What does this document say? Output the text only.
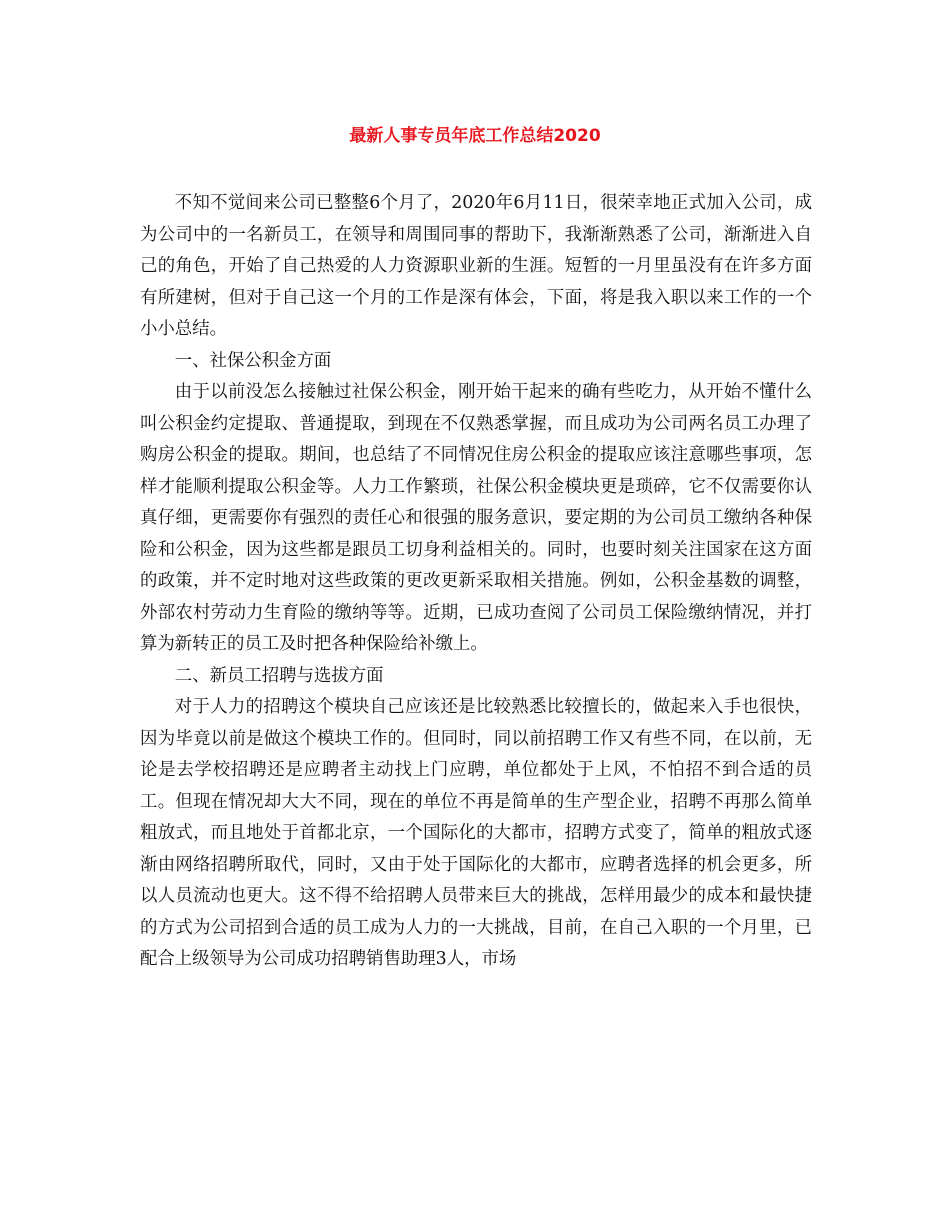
最新人事专员年底工作总结2020

不知不觉间来公司已整整6个月了，2020年6月11日，很荣幸地正式加入公司，成为公司中的一名新员工，在领导和周围同事的帮助下，我渐渐熟悉了公司，渐渐进入自己的角色，开始了自己热爱的人力资源职业新的生涯。短暂的一月里虽没有在许多方面有所建树，但对于自己这一个月的工作是深有体会，下面，将是我入职以来工作的一个小小总结。

一、社保公积金方面

由于以前没怎么接触过社保公积金，刚开始干起来的确有些吃力，从开始不懂什么叫公积金约定提取、普通提取，到现在不仅熟悉掌握，而且成功为公司两名员工办理了购房公积金的提取。期间，也总结了不同情况住房公积金的提取应该注意哪些事项，怎样才能顺利提取公积金等。人力工作繁琐，社保公积金模块更是琐碎，它不仅需要你认真仔细，更需要你有强烈的责任心和很强的服务意识，要定期的为公司员工缴纳各种保险和公积金，因为这些都是跟员工切身利益相关的。同时，也要时刻关注国家在这方面的政策，并不定时地对这些政策的更改更新采取相关措施。例如，公积金基数的调整，外部农村劳动力生育险的缴纳等等。近期，已成功查阅了公司员工保险缴纳情况，并打算为新转正的员工及时把各种保险给补缴上。

二、新员工招聘与选拔方面

对于人力的招聘这个模块自己应该还是比较熟悉比较擅长的，做起来入手也很快，因为毕竟以前是做这个模块工作的。但同时，同以前招聘工作又有些不同，在以前，无论是去学校招聘还是应聘者主动找上门应聘，单位都处于上风，不怕招不到合适的员工。但现在情况却大大不同，现在的单位不再是简单的生产型企业，招聘不再那么简单粗放式，而且地处于首都北京，一个国际化的大都市，招聘方式变了，简单的粗放式逐渐由网络招聘所取代，同时，又由于处于国际化的大都市，应聘者选择的机会更多，所以人员流动也更大。这不得不给招聘人员带来巨大的挑战，怎样用最少的成本和最快捷的方式为公司招到合适的员工成为人力的一大挑战，目前，在自己入职的一个月里，已配合上级领导为公司成功招聘销售助理3人，市场
